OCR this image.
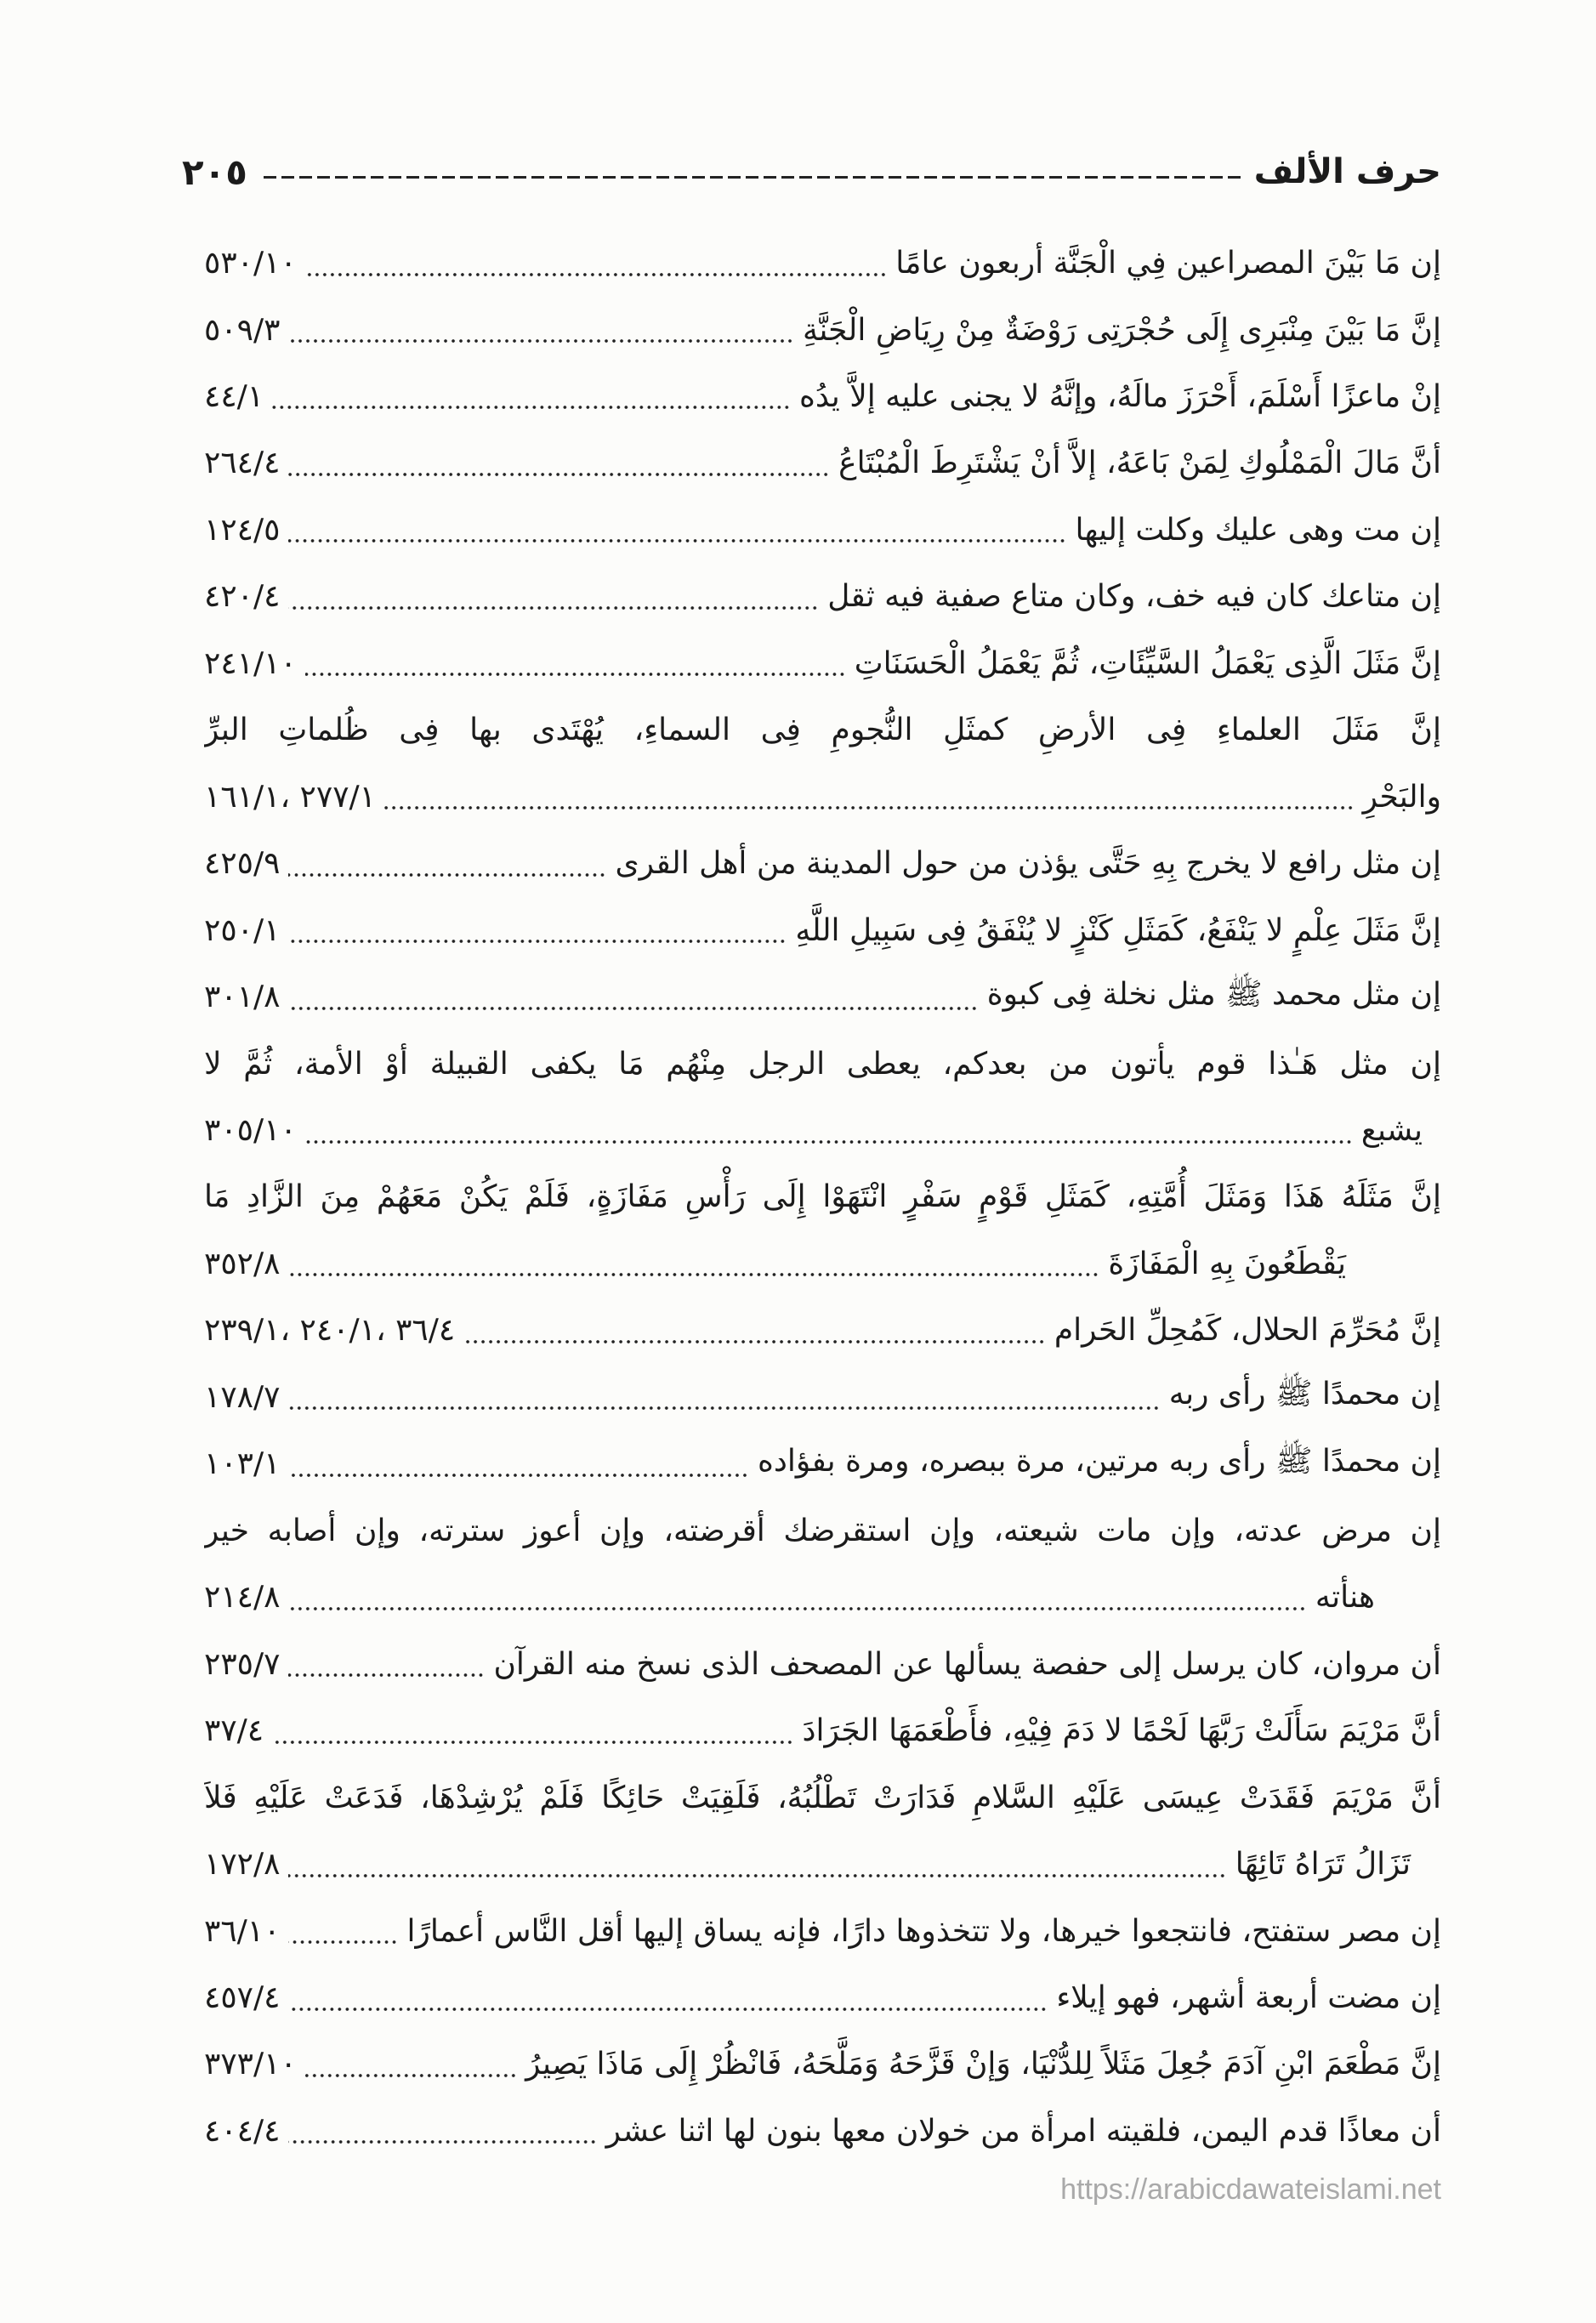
حرف الألف
٢٠٥
إن مَا بَيْنَ المصراعين فِي الْجَنَّة أربعون عامًا
٥٣٠/١٠
إنَّ مَا بَيْنَ مِنْبَرِى إِلَى حُجْرَتِى رَوْضَةٌ مِنْ رِيَاضِ الْجَنَّةِ
٥٠٩/٣
إنْ ماعزًا أَسْلَمَ، أَحْرَزَ مالَهُ، وإنَّهُ لا يجنى عليه إلاَّ يدُه
٤٤/١
أنَّ مَالَ الْمَمْلُوكِ لِمَنْ بَاعَهُ، إلاَّ أنْ يَشْتَرِطَ الْمُبْتَاعُ
٢٦٤/٤
إن مت وهى عليك وكلت إليها
١٢٤/٥
إن متاعك كان فيه خف، وكان متاع صفية فيه ثقل
٤٢٠/٤
إنَّ مَثَلَ الَّذِى يَعْمَلُ السَّيِّئَاتِ، ثُمَّ يَعْمَلُ الْحَسَنَاتِ
٢٤١/١٠
إنَّ مَثَلَ العلماءِ فِى الأرضِ كمثَلِ النُّجومِ فِى السماءِ، يُهْتَدى بها فِى ظُلماتِ البرِّ
والبَحْرِ
٢٧٧/١ ،١٦١/١
إن مثل رافع لا يخرج بِهِ حَتَّى يؤذن من حول المدينة من أهل القرى
٤٢٥/٩
إنَّ مَثَلَ عِلْمٍ لا يَنْفَعُ، كَمَثَلِ كَنْزٍ لا يُنْفَقُ فِى سَبِيلِ اللَّهِ
٢٥٠/١
إن مثل محمد ﷺ مثل نخلة فِى كبوة
٣٠١/٨
إن مثل هَـٰذا قوم يأتون من بعدكم، يعطى الرجل مِنْهُم مَا يكفى القبيلة أوْ الأمة، ثُمَّ لا
يشبع
٣٠٥/١٠
إنَّ مَثَلَهُ هَذَا وَمَثَلَ أُمَّتِهِ، كَمَثَلِ قَوْمٍ سَفْرٍ انْتَهَوْا إِلَى رَأْسِ مَفَازَةٍ، فَلَمْ يَكُنْ مَعَهُمْ مِنَ الزَّادِ مَا
يَقْطَعُونَ بِهِ الْمَفَازَةَ
٣٥٢/٨
إنَّ مُحَرِّمَ الحلال، كَمُحِلِّ الحَرام
٣٦/٤ ،٢٤٠/١ ،٢٣٩/١
إن محمدًا ﷺ رأى ربه
١٧٨/٧
إن محمدًا ﷺ رأى ربه مرتين، مرة ببصره، ومرة بفؤاده
١٠٣/١
إن مرض عدته، وإن مات شيعته، وإن استقرضك أقرضته، وإن أعوز سترته، وإن أصابه خير
هنأته
٢١٤/٨
أن مروان، كان يرسل إلى حفصة يسألها عن المصحف الذى نسخ منه القرآن
٢٣٥/٧
أنَّ مَرْيَمَ سَأَلَتْ رَبَّهَا لَحْمًا لا دَمَ فِيْهِ، فأَطْعَمَهَا الجَرَادَ
٣٧/٤
أنَّ مَرْيَمَ فَقَدَتْ عِيسَى عَلَيْهِ السَّلامِ فَدَارَتْ تَطْلُبُهُ، فَلَقِيَتْ حَائِكًا فَلَمْ يُرْشِدْهَا، فَدَعَتْ عَلَيْهِ فَلاَ
تَزَالُ تَرَاهُ تَائِهًا
١٧٢/٨
إن مصر ستفتح، فانتجعوا خيرها، ولا تتخذوها دارًا، فإنه يساق إليها أقل النَّاس أعمارًا
٣٦/١٠
إن مضت أربعة أشهر، فهو إيلاء
٤٥٧/٤
إنَّ مَطْعَمَ ابْنِ آدَمَ جُعِلَ مَثَلاً لِلدُّنْيَا، وَإنْ قَزَّحَهُ وَمَلَّحَهُ، فَانْظُرْ إِلَى مَاذَا يَصِيرُ
٣٧٣/١٠
أن معاذًا قدم اليمن، فلقيته امرأة من خولان معها بنون لها اثنا عشر
٤٠٤/٤
https://arabicdawateislami.net
